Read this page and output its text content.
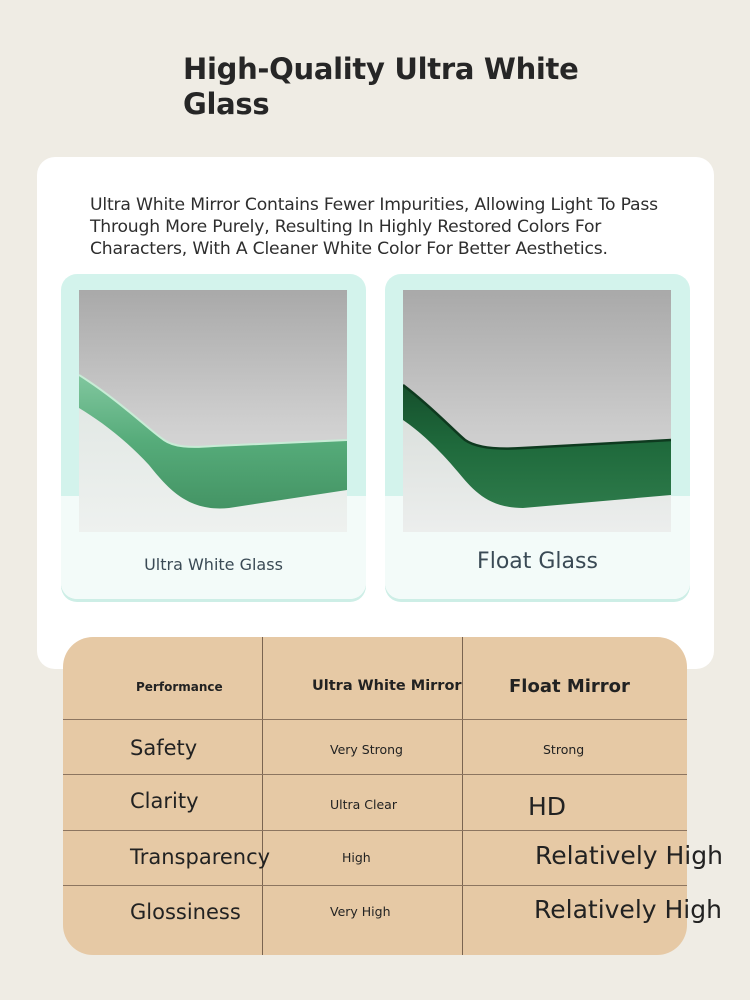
High-Quality Ultra White Glass
Ultra White Mirror Contains Fewer Impurities, Allowing Light To Pass Through More Purely, Resulting In Highly Restored Colors For Characters, With A Cleaner White Color For Better Aesthetics.
Ultra White Glass	Float Glass
Performance	Ultra White Mirror	Float Mirror
Safety	Very Strong	Strong
Clarity	Ultra Clear	HD
Transparency	High	Relatively High
Glossiness	Very High	Relatively High
